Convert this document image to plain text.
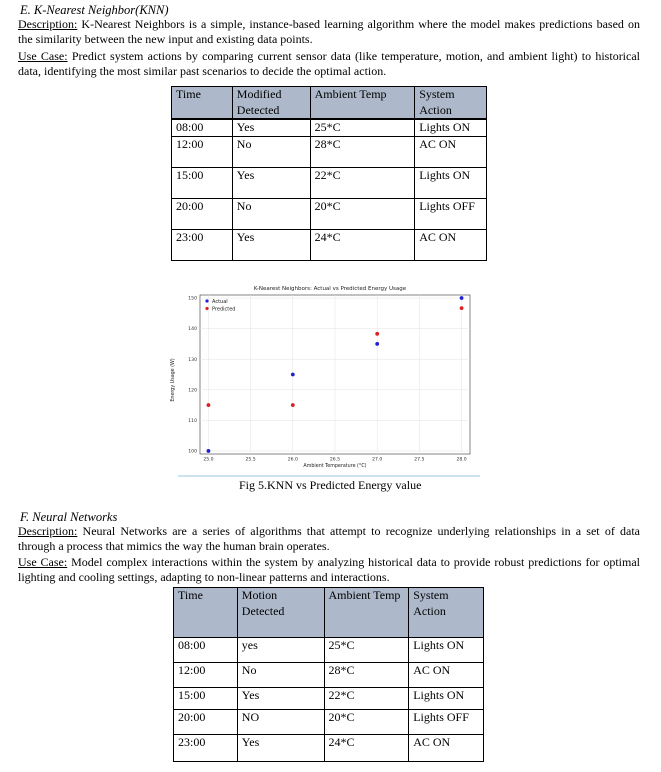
E. K-Nearest Neighbor(KNN)
Description: K-Nearest Neighbors is a simple, instance-based learning algorithm where the model makes predictions based on the similarity between the new input and existing data points.
Use Case: Predict system actions by comparing current sensor data (like temperature, motion, and ambient light) to historical data, identifying the most similar past scenarios to decide the optimal action.
Time	Modified Detected	Ambient Temp	System Action
08:00	Yes	25*C	Lights ON
12:00	No	28*C	AC ON
15:00	Yes	22*C	Lights ON
20:00	No	20*C	Lights OFF
23:00	Yes	24*C	AC ON
K-Nearest Neighbors: Actual vs Predicted Energy Usage
25.0	25.5	26.0	26.5	27.0	27.5	28.0
100
110
120
130
140
150	Actual
Predicted
Ambient Temperature (°C)
Energy Usage (W)
Fig 5.KNN vs Predicted Energy value
F. Neural Networks
Description: Neural Networks are a series of algorithms that attempt to recognize underlying relationships in a set of data through a process that mimics the way the human brain operates.
Use Case: Model complex interactions within the system by analyzing historical data to provide robust predictions for optimal lighting and cooling settings, adapting to non-linear patterns and interactions.
Time	Motion Detected	Ambient Temp	System Action
08:00	yes	25*C	Lights ON
12:00	No	28*C	AC ON
15:00	Yes	22*C	Lights ON
20:00	NO	20*C	Lights OFF
23:00	Yes	24*C	AC ON
